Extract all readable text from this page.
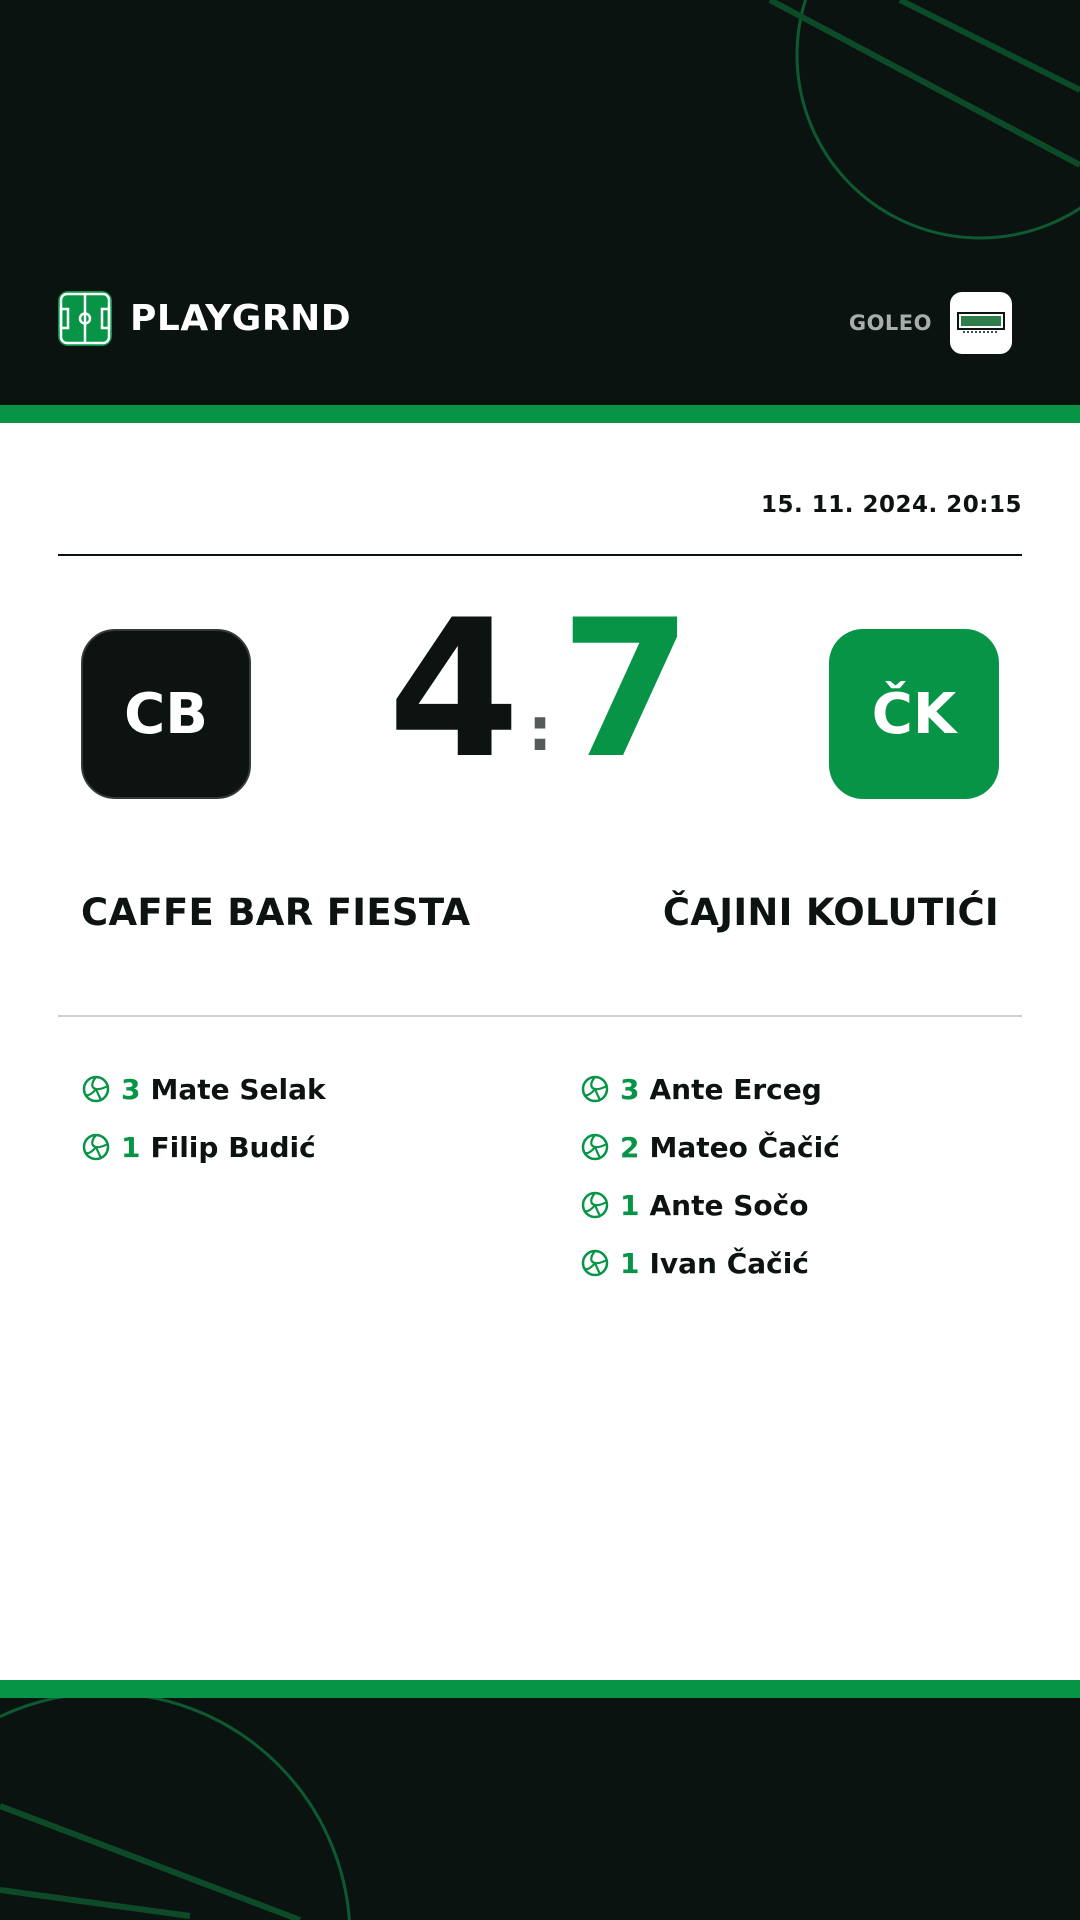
PLAYGRND	GOLEO
15. 11. 2024. 20:15
CB 4 : 7	ČK
CAFFE BAR FIESTA	ČAJINI KOLUTIĆI
3 Mate Selak
1 Filip Budić
3 Ante Erceg
2 Mateo Čačić
1 Ante Sočo
1 Ivan Čačić
